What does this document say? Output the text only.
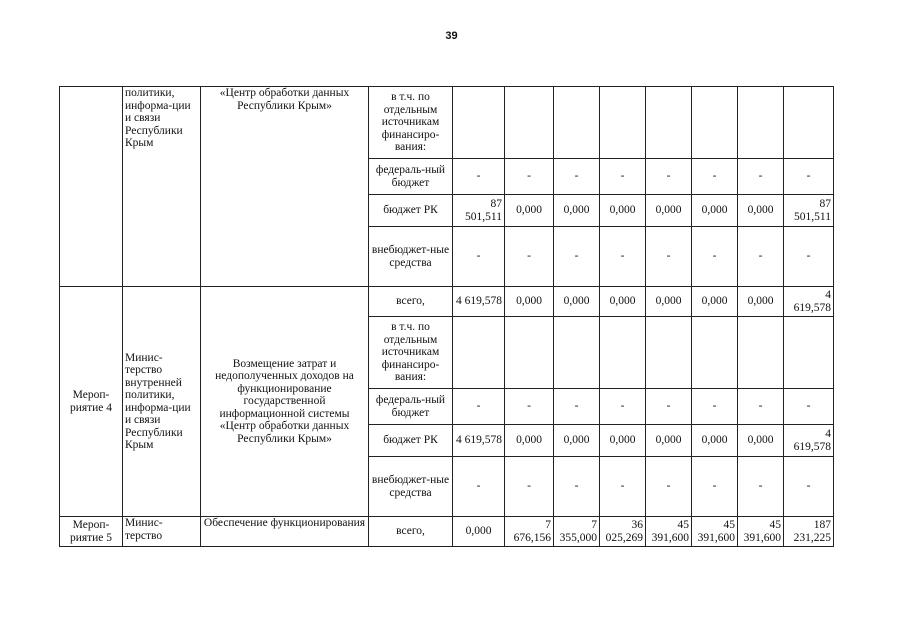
39
	политики, информа-ции и связи Республики Крым	«Центр обработки данных Республики Крым»	в т.ч. по отдельным источникам финансиро-вания:								
			федераль-ный бюджет	-	-	-	-	-	-	-	-
			бюджет РК	87 501,511	0,000	0,000	0,000	0,000	0,000	0,000	87 501,511
			внебюджет-ные средства	-	-	-	-	-	-	-	-
Мероп-риятие 4	Минис-терство внутренней политики, информа-ции и связи Республики Крым	Возмещение затрат и недополученных доходов на функционирование государственной информационной системы «Центр обработки данных Республики Крым»	всего,	4 619,578	0,000	0,000	0,000	0,000	0,000	0,000	4 619,578
			в т.ч. по отдельным источникам финансиро-вания:								
			федераль-ный бюджет	-	-	-	-	-	-	-	-
			бюджет РК	4 619,578	0,000	0,000	0,000	0,000	0,000	0,000	4 619,578
			внебюджет-ные средства	-	-	-	-	-	-	-	-
Мероп-риятие 5	Минис-терство	Обеспечение функционирования	всего,	0,000	7 676,156	7 355,000	36 025,269	45 391,600	45 391,600	45 391,600	187 231,225
